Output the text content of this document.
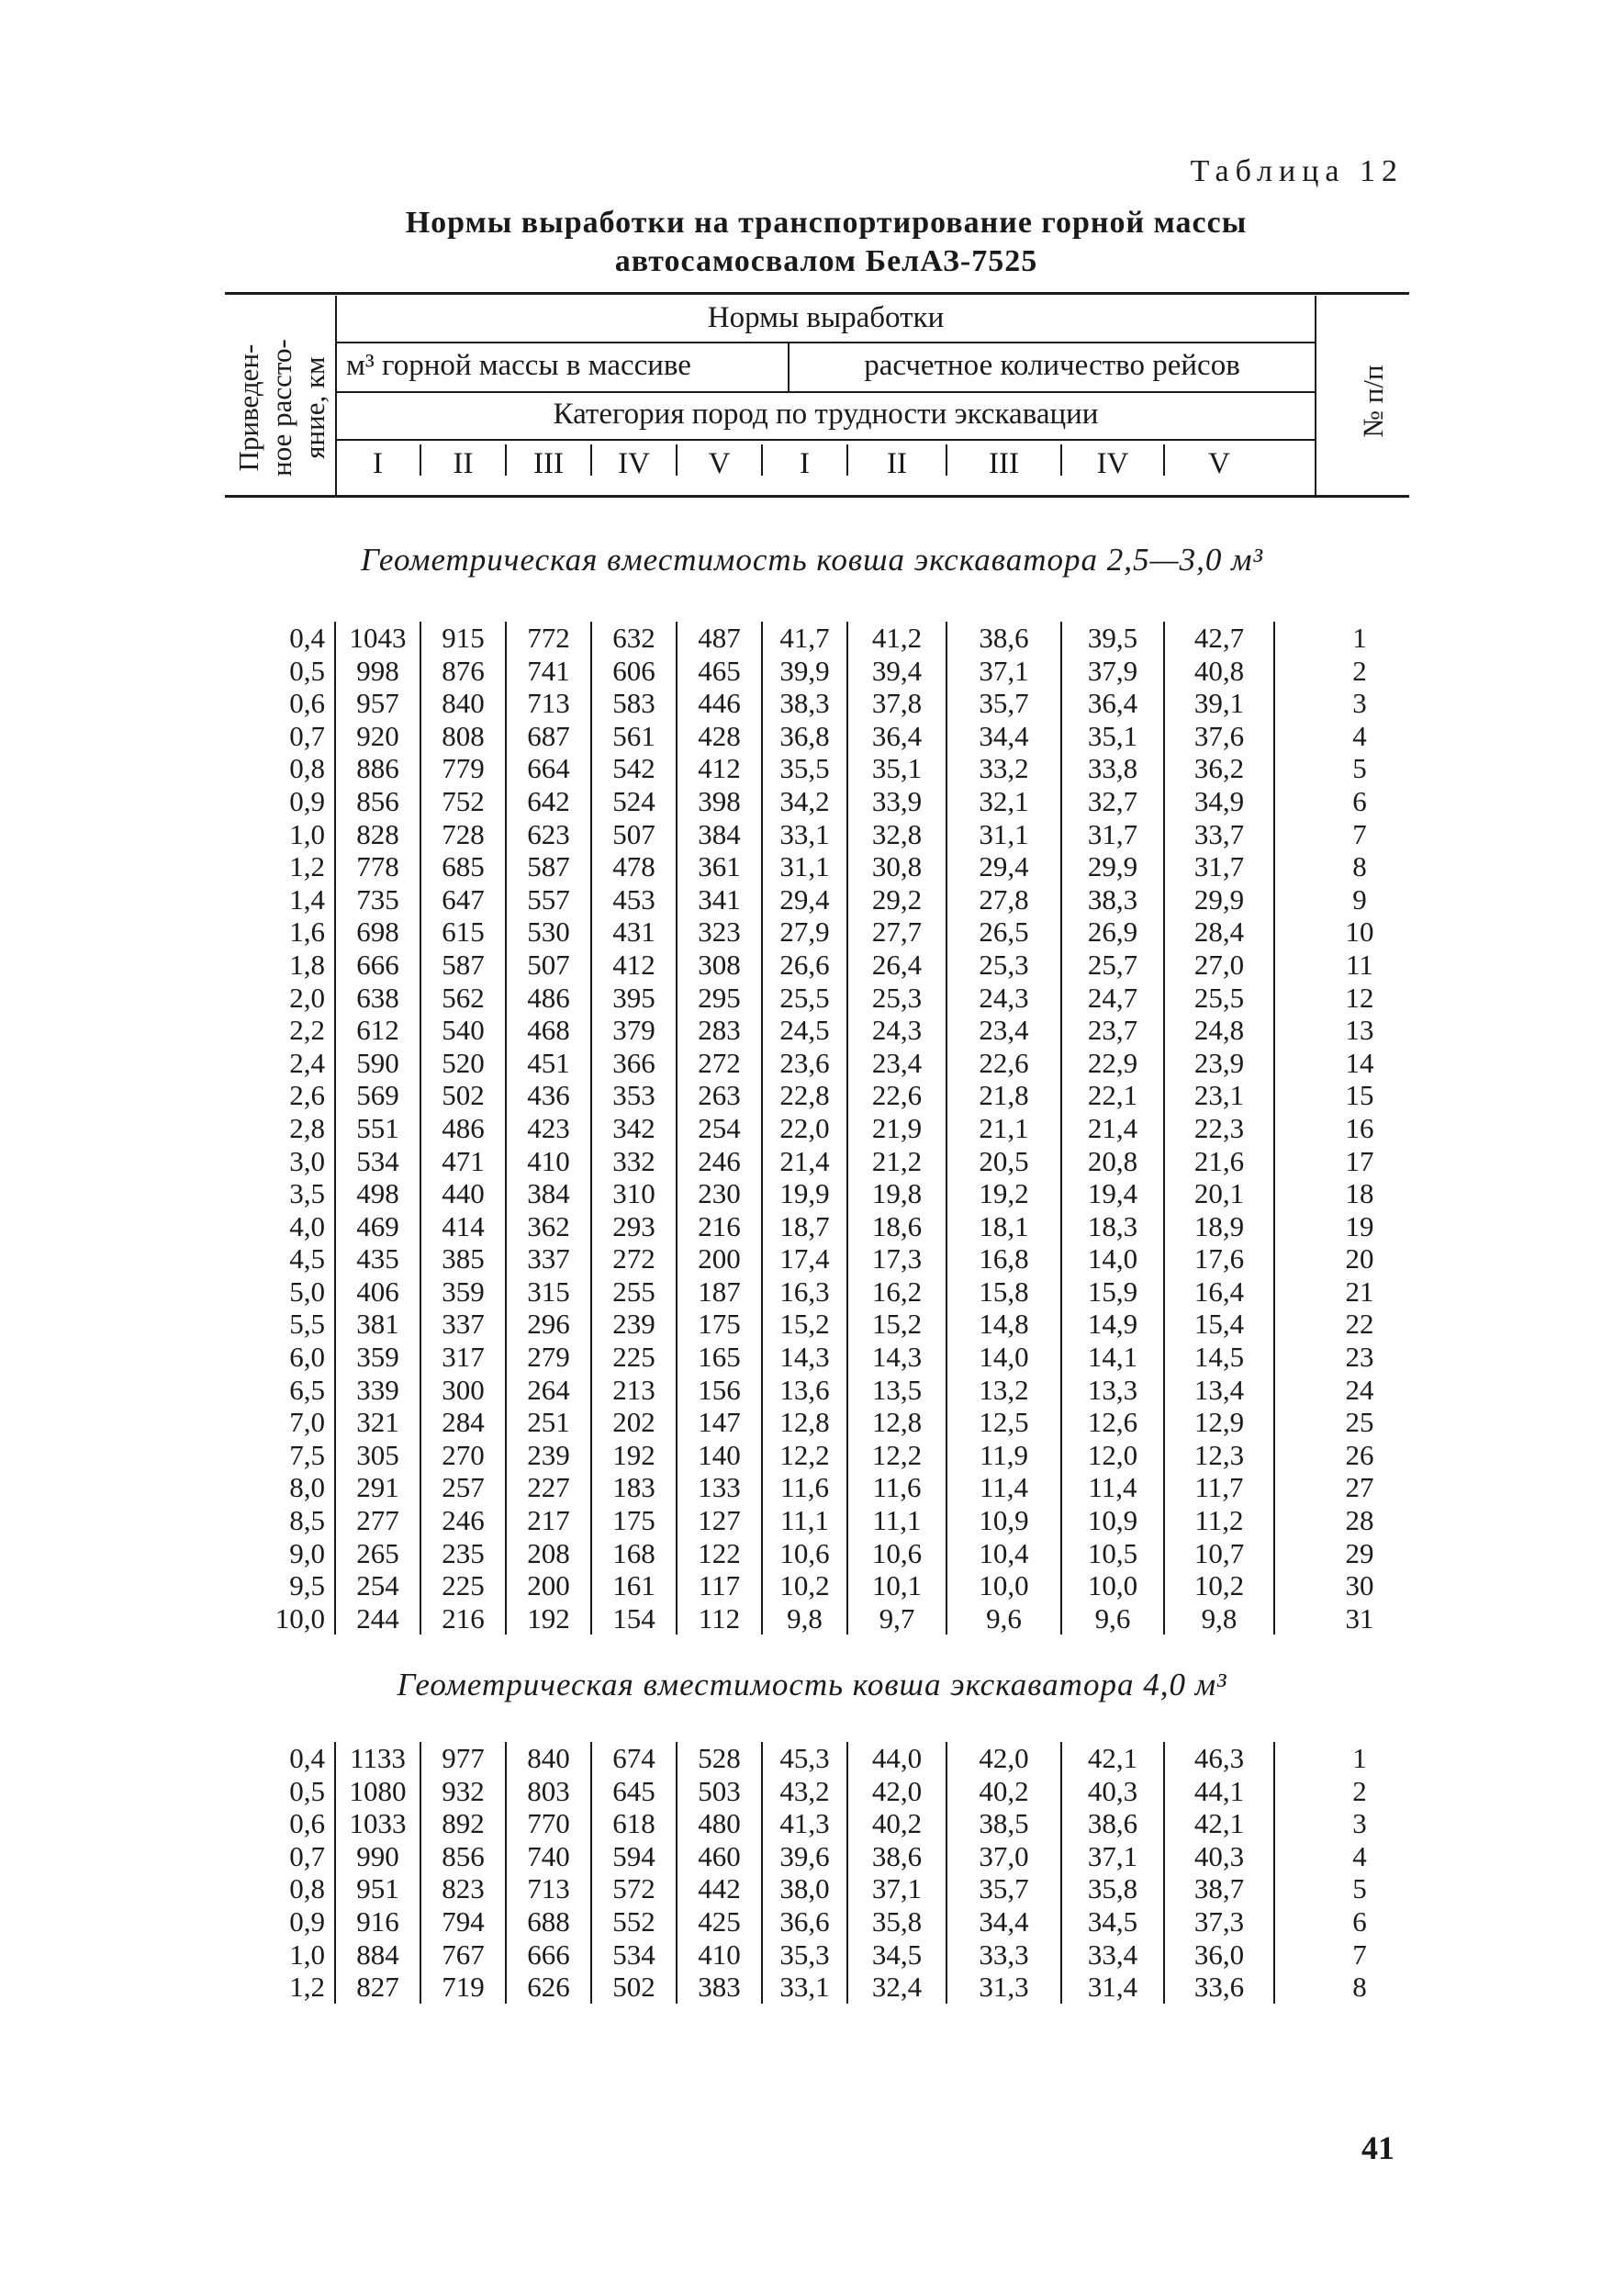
Таблица 12
Нормы выработки на транспортирование горной массы
автосамосвалом БелАЗ-7525
Приведен- ное рассто- яние, км	№ п/п
Нормы выработки
м³ горной массы в массиве	расчетное количество рейсов
Категория пород по трудности экскавации
I	II	III	IV	V	I	II	III	IV	V
Геометрическая вместимость ковша экскаватора 2,5—3,0 м³
0,4	1043	915	772	632	487	41,7	41,2	38,6	39,5	42,7	1
0,5	998	876	741	606	465	39,9	39,4	37,1	37,9	40,8	2
0,6	957	840	713	583	446	38,3	37,8	35,7	36,4	39,1	3
0,7	920	808	687	561	428	36,8	36,4	34,4	35,1	37,6	4
0,8	886	779	664	542	412	35,5	35,1	33,2	33,8	36,2	5
0,9	856	752	642	524	398	34,2	33,9	32,1	32,7	34,9	6
1,0	828	728	623	507	384	33,1	32,8	31,1	31,7	33,7	7
1,2	778	685	587	478	361	31,1	30,8	29,4	29,9	31,7	8
1,4	735	647	557	453	341	29,4	29,2	27,8	38,3	29,9	9
1,6	698	615	530	431	323	27,9	27,7	26,5	26,9	28,4	10
1,8	666	587	507	412	308	26,6	26,4	25,3	25,7	27,0	11
2,0	638	562	486	395	295	25,5	25,3	24,3	24,7	25,5	12
2,2	612	540	468	379	283	24,5	24,3	23,4	23,7	24,8	13
2,4	590	520	451	366	272	23,6	23,4	22,6	22,9	23,9	14
2,6	569	502	436	353	263	22,8	22,6	21,8	22,1	23,1	15
2,8	551	486	423	342	254	22,0	21,9	21,1	21,4	22,3	16
3,0	534	471	410	332	246	21,4	21,2	20,5	20,8	21,6	17
3,5	498	440	384	310	230	19,9	19,8	19,2	19,4	20,1	18
4,0	469	414	362	293	216	18,7	18,6	18,1	18,3	18,9	19
4,5	435	385	337	272	200	17,4	17,3	16,8	14,0	17,6	20
5,0	406	359	315	255	187	16,3	16,2	15,8	15,9	16,4	21
5,5	381	337	296	239	175	15,2	15,2	14,8	14,9	15,4	22
6,0	359	317	279	225	165	14,3	14,3	14,0	14,1	14,5	23
6,5	339	300	264	213	156	13,6	13,5	13,2	13,3	13,4	24
7,0	321	284	251	202	147	12,8	12,8	12,5	12,6	12,9	25
7,5	305	270	239	192	140	12,2	12,2	11,9	12,0	12,3	26
8,0	291	257	227	183	133	11,6	11,6	11,4	11,4	11,7	27
8,5	277	246	217	175	127	11,1	11,1	10,9	10,9	11,2	28
9,0	265	235	208	168	122	10,6	10,6	10,4	10,5	10,7	29
9,5	254	225	200	161	117	10,2	10,1	10,0	10,0	10,2	30
10,0	244	216	192	154	112	9,8	9,7	9,6	9,6	9,8	31
Геометрическая вместимость ковша экскаватора 4,0 м³
0,4	1133	977	840	674	528	45,3	44,0	42,0	42,1	46,3	1
0,5	1080	932	803	645	503	43,2	42,0	40,2	40,3	44,1	2
0,6	1033	892	770	618	480	41,3	40,2	38,5	38,6	42,1	3
0,7	990	856	740	594	460	39,6	38,6	37,0	37,1	40,3	4
0,8	951	823	713	572	442	38,0	37,1	35,7	35,8	38,7	5
0,9	916	794	688	552	425	36,6	35,8	34,4	34,5	37,3	6
1,0	884	767	666	534	410	35,3	34,5	33,3	33,4	36,0	7
1,2	827	719	626	502	383	33,1	32,4	31,3	31,4	33,6	8
41
